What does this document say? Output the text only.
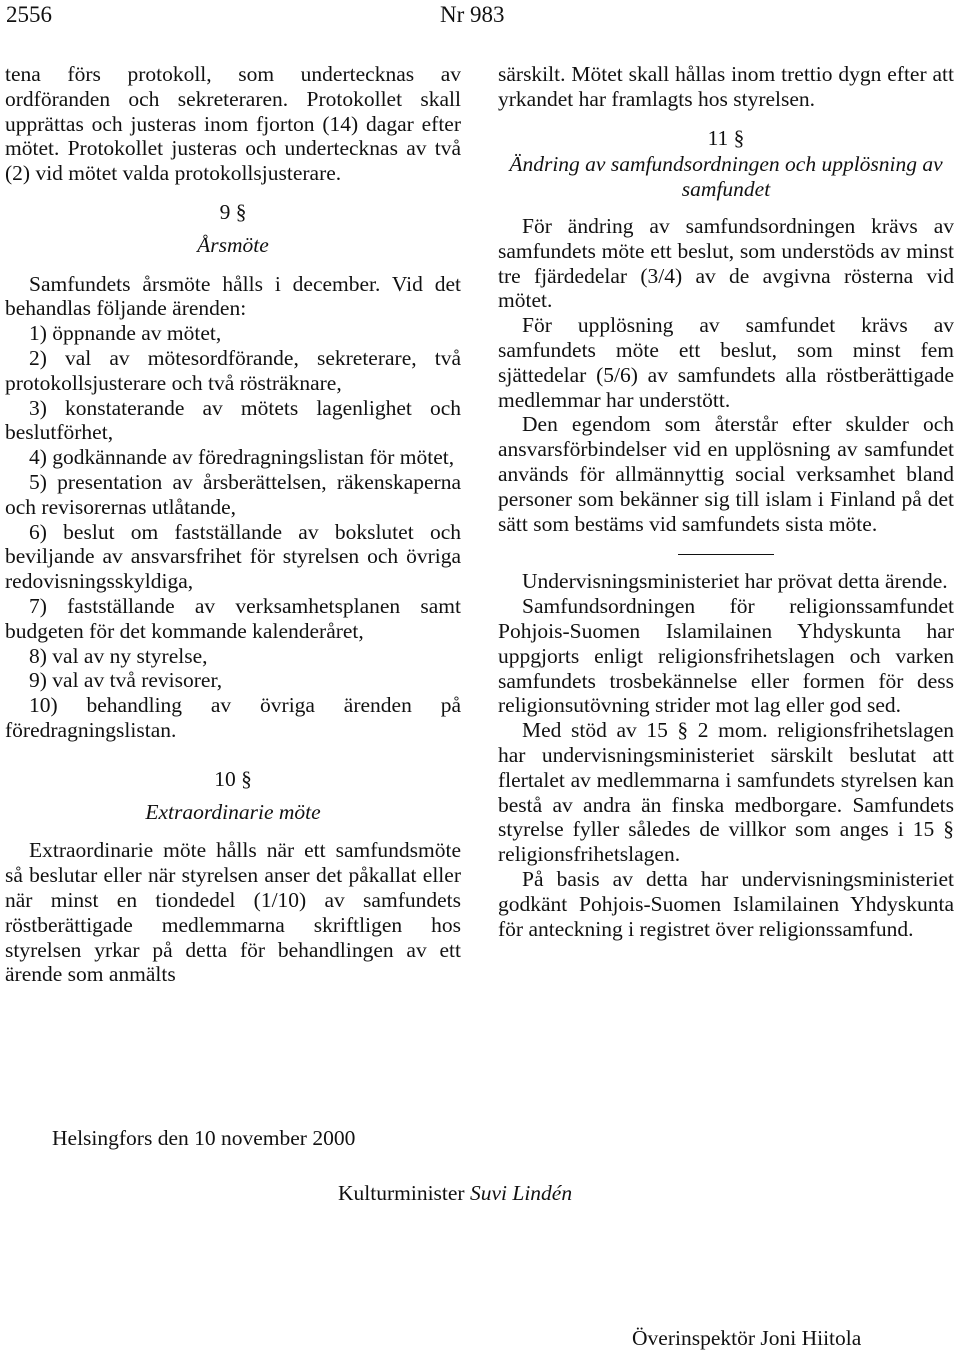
2556	Nr 983

tena förs protokoll, som undertecknas av ordföranden och sekreteraren. Protokollet skall upprättas och justeras inom fjorton (14) dagar efter mötet. Protokollet justeras och undertecknas av två (2) vid mötet valda protokollsjusterare.

9 §
Årsmöte

Samfundets årsmöte hålls i december. Vid det behandlas följande ärenden:

1) öppnande av mötet,

2) val av mötesordförande, sekreterare, två protokollsjusterare och två rösträknare,

3) konstaterande av mötets lagenlighet och beslutförhet,

4) godkännande av föredragningslistan för mötet,

5) presentation av årsberättelsen, räkenskaperna och revisorernas utlåtande,

6) beslut om fastställande av bokslutet och beviljande av ansvarsfrihet för styrelsen och övriga redovisningsskyldiga,

7) fastställande av verksamhetsplanen samt budgeten för det kommande kalenderåret,

8) val av ny styrelse,

9) val av två revisorer,

10) behandling av övriga ärenden på föredragningslistan.

10 §
Extraordinarie möte

Extraordinarie möte hålls när ett samfundsmöte så beslutar eller när styrelsen anser det påkallat eller när minst en tiondedel (1/10) av samfundets röstberättigade medlemmarna skriftligen hos styrelsen yrkar på detta för behandlingen av ett ärende som anmälts

särskilt. Mötet skall hållas inom trettio dygn efter att yrkandet har framlagts hos styrelsen.

11 §
Ändring av samfundsordningen och upplösning av samfundet

För ändring av samfundsordningen krävs av samfundets möte ett beslut, som understöds av minst tre fjärdedelar (3/4) av de avgivna rösterna vid mötet.

För upplösning av samfundet krävs av samfundets möte ett beslut, som minst fem sjättedelar (5/6) av samfundets alla röstberättigade medlemmar har understött.

Den egendom som återstår efter skulder och ansvarsförbindelser vid en upplösning av samfundet används för allmännyttig social verksamhet bland personer som bekänner sig till islam i Finland på det sätt som bestäms vid samfundets sista möte.

Undervisningsministeriet har prövat detta ärende.

Samfundsordningen för religionssamfundet Pohjois-Suomen Islamilainen Yhdyskunta har uppgjorts enligt religionsfrihetslagen och varken samfundets trosbekännelse eller formen för dess religionsutövning strider mot lag eller god sed.

Med stöd av 15 § 2 mom. religionsfrihetslagen har undervisningsministeriet särskilt beslutat att flertalet av medlemmarna i samfundets styrelsen kan bestå av andra än finska medborgare. Samfundets styrelse fyller således de villkor som anges i 15 § religionsfrihetslagen.

På basis av detta har undervisningsministeriet godkänt Pohjois-Suomen Islamilainen Yhdyskunta för anteckning i registret över religionssamfund.

Helsingfors den 10 november 2000
Kulturminister Suvi Lindén
Överinspektör Joni Hiitola
